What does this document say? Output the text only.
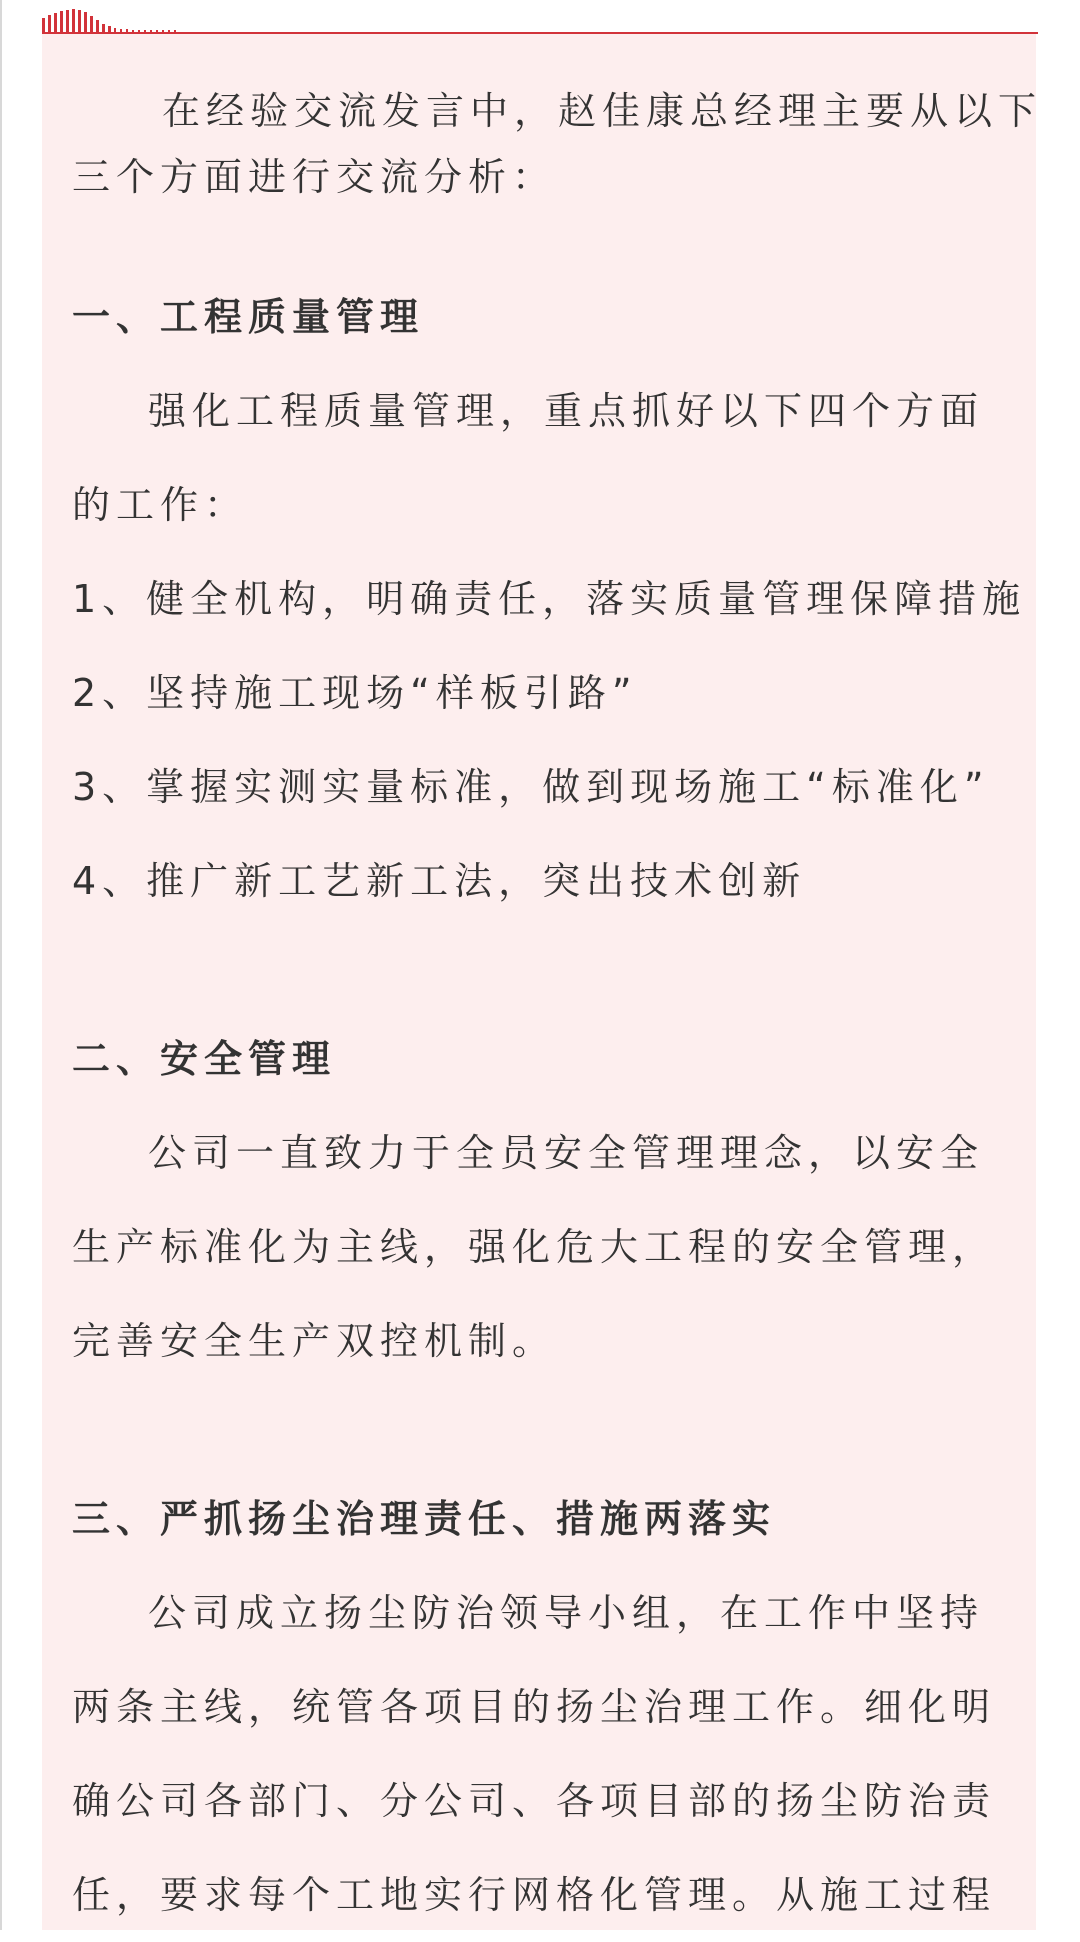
在经验交流发言中，赵佳康总经理主要从以下

三个方面进行交流分析：

一、工程质量管理

强化工程质量管理，重点抓好以下四个方面

的工作：

1、健全机构，明确责任，落实质量管理保障措施

2、坚持施工现场“样板引路”

3、掌握实测实量标准，做到现场施工“标准化”

4、推广新工艺新工法，突出技术创新

二、安全管理

公司一直致力于全员安全管理理念，以安全

生产标准化为主线，强化危大工程的安全管理，

完善安全生产双控机制。

三、严抓扬尘治理责任、措施两落实

公司成立扬尘防治领导小组，在工作中坚持

两条主线，统管各项目的扬尘治理工作。细化明

确公司各部门、分公司、各项目部的扬尘防治责

任，要求每个工地实行网格化管理。从施工过程
